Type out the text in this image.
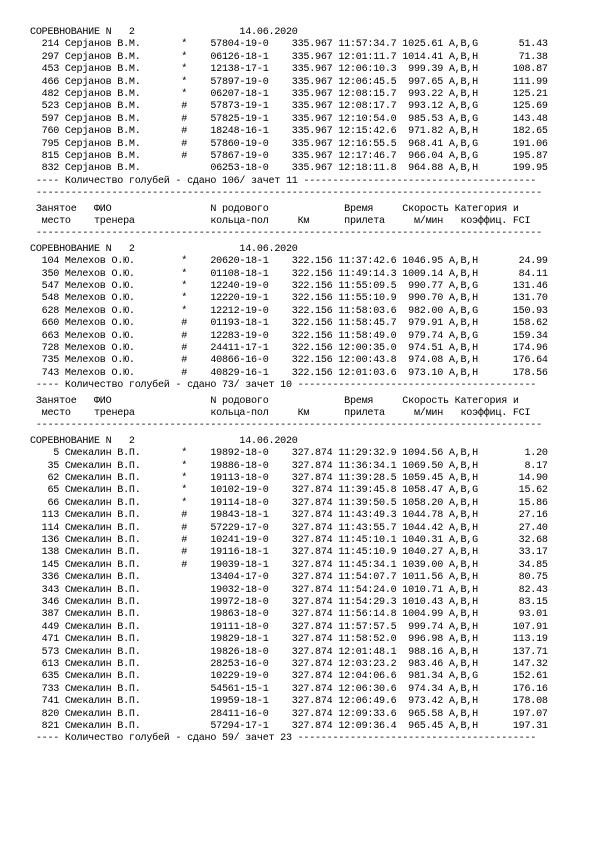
СОРЕВНОВАНИЕ N   2                  14.06.2020
214 Серjанов В.М.       *    57804-19-0    335.967 11:57:34.7 1025.61 A,B,G       51.43
297 Серjанов В.М.       *    06126-18-1    335.967 12:01:11.7 1014.41 A,B,H       71.38
453 Серjанов В.М.       *    12138-17-1    335.967 12:06:10.3  999.39 A,B,H      108.87
466 Серjанов В.М.       *    57897-19-0    335.967 12:06:45.5  997.65 A,B,H      111.99
482 Серjанов В.М.       *    06207-18-1    335.967 12:08:15.7  993.22 A,B,H      125.21
523 Серjанов В.М.       #    57873-19-1    335.967 12:08:17.7  993.12 A,B,G      125.69
597 Серjанов В.М.       #    57825-19-1    335.967 12:10:54.0  985.53 A,B,G      143.48
760 Серjанов В.М.       #    18248-16-1    335.967 12:15:42.6  971.82 A,B,H      182.65
795 Серjанов В.М.       #    57860-19-0    335.967 12:16:55.5  968.41 A,B,G      191.06
815 Серjанов В.М.       #    57867-19-0    335.967 12:17:46.7  966.04 A,B,G      195.87
832 Серjанов В.М.            06253-18-0    335.967 12:18:11.8  964.88 A,B,H      199.95
---- Количество голубей - сдано 106/ зачет 11 ----------------------------------------
---------------------------------------------------------------------------------------
Занятое   ФИО                 N родового             Время     Скорость Категория и
место    тренера             кольца-пол     Км      прилета     м/мин   коэффиц. FCI
---------------------------------------------------------------------------------------
СОРЕВНОВАНИЕ N   2                  14.06.2020
104 Мелехов О.Ю.        *    20620-18-1    322.156 11:37:42.6 1046.95 A,B,H       24.99
350 Мелехов О.Ю.        *    01108-18-1    322.156 11:49:14.3 1009.14 A,B,H       84.11
547 Мелехов О.Ю.        *    12240-19-0    322.156 11:55:09.5  990.77 A,B,G      131.46
548 Мелехов О.Ю.        *    12220-19-1    322.156 11:55:10.9  990.70 A,B,H      131.70
628 Мелехов О.Ю.        *    12212-19-0    322.156 11:58:03.6  982.00 A,B,G      150.93
660 Мелехов О.Ю.        #    01193-18-1    322.156 11:58:45.7  979.91 A,B,H      158.62
663 Мелехов О.Ю.        #    12283-19-0    322.156 11:58:49.0  979.74 A,B,G      159.34
728 Мелехов О.Ю.        #    24411-17-1    322.156 12:00:35.0  974.51 A,B,H      174.96
735 Мелехов О.Ю.        #    40866-16-0    322.156 12:00:43.8  974.08 A,B,H      176.64
743 Мелехов О.Ю.        #    40829-16-1    322.156 12:01:03.6  973.10 A,B,H      178.56
---- Количество голубей - сдано 73/ зачет 10 -----------------------------------------
Занятое   ФИО                 N родового             Время     Скорость Категория и
место    тренера             кольца-пол     Км      прилета     м/мин   коэффиц. FCI
---------------------------------------------------------------------------------------
СОРЕВНОВАНИЕ N   2                  14.06.2020
5 Смекалин В.П.       *    19892-18-0    327.874 11:29:32.9 1094.56 A,B,H        1.20
35 Смекалин В.П.       *    19886-18-0    327.874 11:36:34.1 1069.50 A,B,H        8.17
62 Смекалин В.П.       *    19113-18-0    327.874 11:39:28.5 1059.45 A,B,H       14.90
65 Смекалин В.П.       *    10102-19-0    327.874 11:39:45.8 1058.47 A,B,G       15.62
66 Смекалин В.П.       *    19114-18-0    327.874 11:39:50.5 1058.20 A,B,H       15.86
113 Смекалин В.П.       #    19843-18-1    327.874 11:43:49.3 1044.78 A,B,H       27.16
114 Смекалин В.П.       #    57229-17-0    327.874 11:43:55.7 1044.42 A,B,H       27.40
136 Смекалин В.П.       #    10241-19-0    327.874 11:45:10.1 1040.31 A,B,G       32.68
138 Смекалин В.П.       #    19116-18-1    327.874 11:45:10.9 1040.27 A,B,H       33.17
145 Смекалин В.П.       #    19039-18-1    327.874 11:45:34.1 1039.00 A,B,H       34.85
336 Смекалин В.П.            13404-17-0    327.874 11:54:07.7 1011.56 A,B,H       80.75
343 Смекалин В.П.            19032-18-0    327.874 11:54:24.0 1010.71 A,B,H       82.43
346 Смекалин В.П.            19972-18-0    327.874 11:54:29.3 1010.43 A,B,H       83.15
387 Смекалин В.П.            19863-18-0    327.874 11:56:14.8 1004.99 A,B,H       93.01
449 Смекалин В.П.            19111-18-0    327.874 11:57:57.5  999.74 A,B,H      107.91
471 Смекалин В.П.            19829-18-1    327.874 11:58:52.0  996.98 A,B,H      113.19
573 Смекалин В.П.            19826-18-0    327.874 12:01:48.1  988.16 A,B,H      137.71
613 Смекалин В.П.            28253-16-0    327.874 12:03:23.2  983.46 A,B,H      147.32
635 Смекалин В.П.            10229-19-0    327.874 12:04:06.6  981.34 A,B,G      152.61
733 Смекалин В.П.            54561-15-1    327.874 12:06:30.6  974.34 A,B,H      176.16
741 Смекалин В.П.            19959-18-1    327.874 12:06:49.6  973.42 A,B,H      178.08
820 Смекалин В.П.            28411-16-0    327.874 12:09:33.6  965.58 A,B,H      197.07
821 Смекалин В.П.            57294-17-1    327.874 12:09:36.4  965.45 A,B,H      197.31
---- Количество голубей - сдано 59/ зачет 23 -----------------------------------------
